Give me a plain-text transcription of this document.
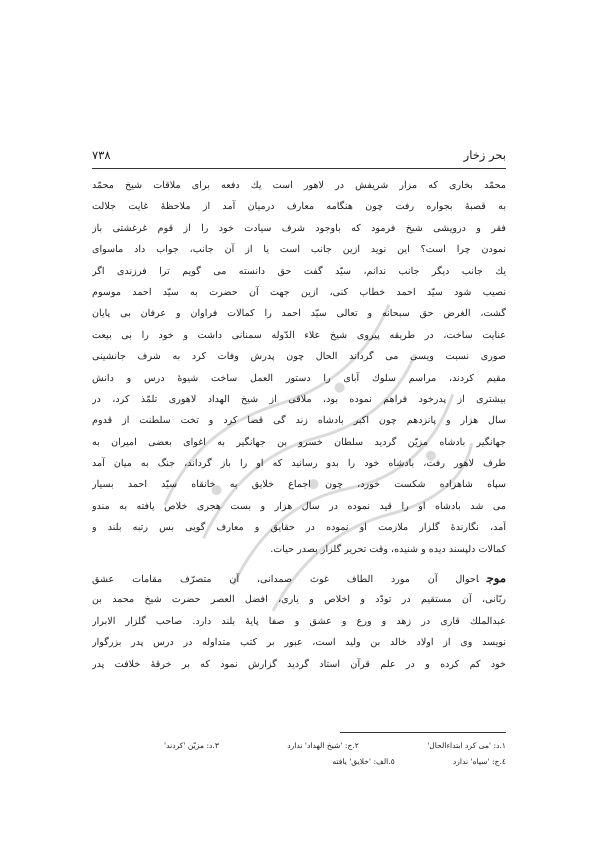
۷۳۸	بحر زخار
محمّد بخاری که مزار شریفش در لاهور است یك دفعه برای ملاقات شیخ محمّد
به قصبهٔ بجواره رفت چون هنگامه معارف درمیان آمد از ملاحظهٔ غایت جلالت
فقر و درویشی شیخ فرمود که باوجود شرف سیادت خود را از قوم غرغشتی باز
نمودن چرا است؟ این نوید ازین جانب است یا از آن جانب، جواب داد ماسوای
یك جانب دیگر جانب ندانم، سیّد گفت حق دانسته می گویم ترا فرزندی اگر
نصیب شود سیّد احمد خطاب کنی، ازین جهت آن حضرت به سیّد احمد موسوم
گشت، الغرض حق سبحانه و تعالی سیّد احمد را کمالات فراوان و عرفان بی پایان
عنایت ساخت، در طریقه پیروی شیخ علاء الدّوله سمنانی داشت و خود را بی بیعت
صوری نسبت ویسی می گرداند الحال چون پدرش وفات کرد به شرف جانشینی
مقیم کردند، مراسم سلوك آبای را دستور العمل ساخت شیوهٔ درس و دانش
بیشتری از پدرخود فراهم نموده بود، ملاقی از شیخ الهداد لاهوری تلمّذ کرد، در
سال هزار و پانزدهم چون اکبر بادشاه زند گی قضا کرد و تخت سلطنت از قدوم
جهانگیر بادشاه مزیّن گردید سلطان خسرو بن جهانگیر به اغوای بعضی امیران به
طرف لاهور رفت، بادشاه خود را بدو رسانید که او را باز گرداند، جنگ به میان آمد
سپاه شاهزاده شکست خورد، چون اجماع خلایق به خانقاه سیّد احمد بسیار
می شد بادشاه او را قید نموده در سال هزار و بست هجری خلاص یافته به مندو
آمد، نگارندهٔ گلزار ملازمت او نموده در حقایق و معارف گویی بس رتبه بلند و
کمالات دلپسند دیده و شنیده، وقت تحریر گلزار بصدر حیات.
موجاحوال آن مورد الطاف غوث صمدانی، آن متصرّف مقامات عشق
ربّانی، آن مستقیم در تودّد و اخلاص و یاری، افضل العصر حضرت شیخ محمد بن
عبدالملك قاری در زهد و ورع و عشق و صفا پایهٔ بلند دارد. صاحب گلزار الابرار
نویسد وی از اولاد خالد بن ولید است، عبور بر کتب متداوله در درس پدر بزرگوار
خود کم کرده و در علم قرآن استاد گردید گزارش نمود که بر خرقهٔ خلافت پدر
۱.د: 'می کرد ابتداءالحال'
۲.ج: 'شیخ الهداد' ندارد
۳.د: مزیّن 'کردند'
٤.ج: 'سپاه' ندارد
٥.الف: 'خلایق' یافته
